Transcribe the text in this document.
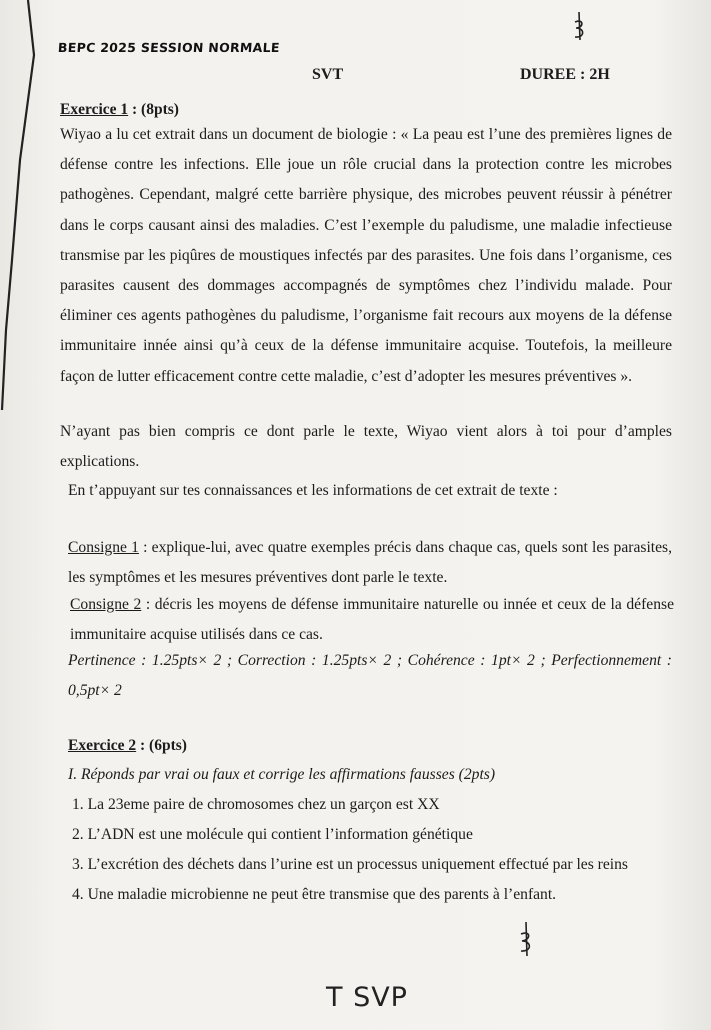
BEPC 2025 SESSION NORMALE
SVT	DUREE : 2H
Exercice 1 : (8pts)
Wiyao a lu cet extrait dans un document de biologie : « La peau est l’une des premières lignes de défense contre les infections. Elle joue un rôle crucial dans la protection contre les microbes pathogènes. Cependant, malgré cette barrière physique, des microbes peuvent réussir à pénétrer dans le corps causant ainsi des maladies. C’est l’exemple du paludisme, une maladie infectieuse transmise par les piqûres de moustiques infectés par des parasites. Une fois dans l’organisme, ces parasites causent des dommages accompagnés de symptômes chez l’individu malade. Pour éliminer ces agents pathogènes du paludisme, l’organisme fait recours aux moyens de la défense immunitaire innée ainsi qu’à ceux de la défense immunitaire acquise. Toutefois, la meilleure façon de lutter efficacement contre cette maladie, c’est d’adopter les mesures préventives ».
N’ayant pas bien compris ce dont parle le texte, Wiyao vient alors à toi pour d’amples explications.
En t’appuyant sur tes connaissances et les informations de cet extrait de texte :
Consigne 1 : explique-lui, avec quatre exemples précis dans chaque cas, quels sont les parasites, les symptômes et les mesures préventives dont parle le texte.
Consigne 2 : décris les moyens de défense immunitaire naturelle ou innée et ceux de la défense immunitaire acquise utilisés dans ce cas.
Pertinence : 1.25pts× 2 ; Correction : 1.25pts× 2 ; Cohérence : 1pt× 2 ; Perfectionnement : 0,5pt× 2
Exercice 2 : (6pts)
I. Réponds par vrai ou faux et corrige les affirmations fausses (2pts)
1. La 23eme paire de chromosomes chez un garçon est XX
2. L’ADN est une molécule qui contient l’information génétique
3. L’excrétion des déchets dans l’urine est un processus uniquement effectué par les reins
4. Une maladie microbienne ne peut être transmise que des parents à l’enfant.
T SVP
